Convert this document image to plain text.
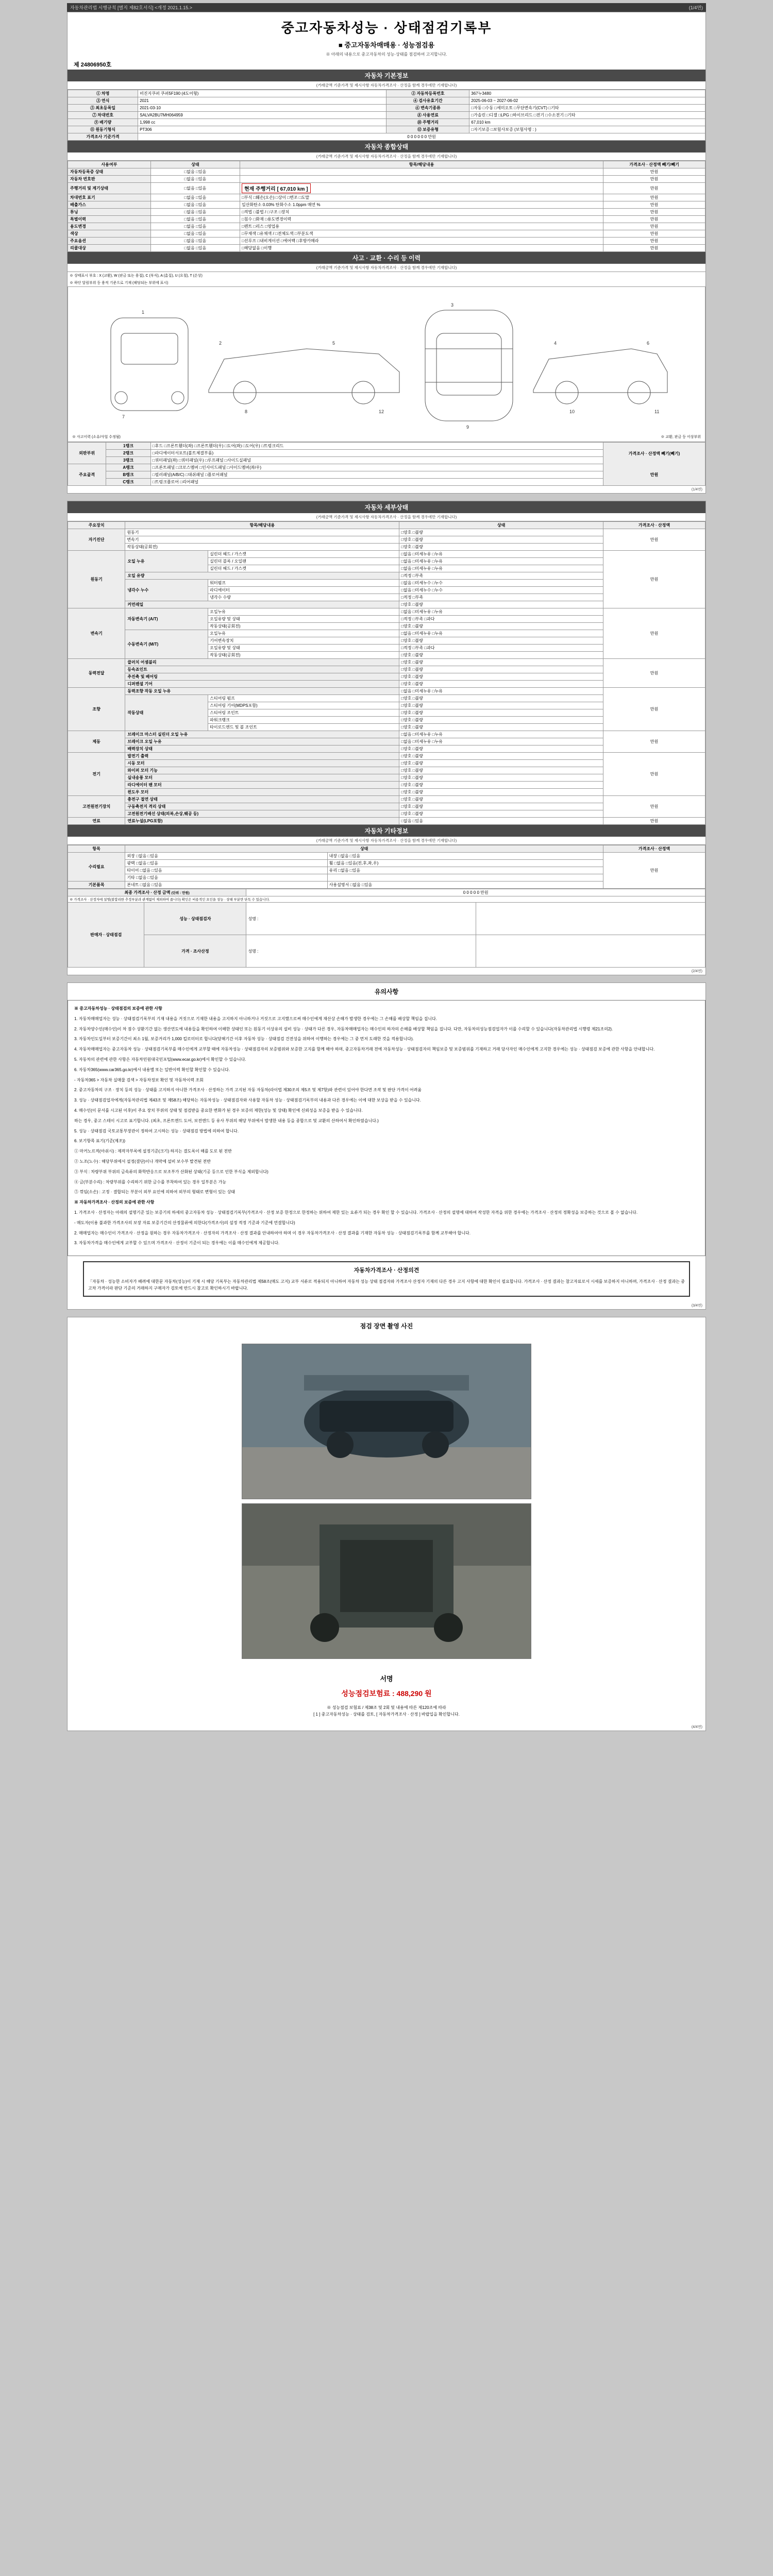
자동차관리법 시행규칙 [별지 제82호서식] <개정 2021.1.15.>	(1/4면)
중고자동차성능 · 상태점검기록부
■ 중고자동차매매용 · 성능점검용
※ 아래의 내용으로 중고자동차의 성능·상태를 점검하여 고지합니다.
제 24806950호
자동차 기본정보
(거래금액 기준가격 및 제시사항 자동차가격조사 · 산정을 함께 경우에만 기재합니다)
① 차명	비진지쿠퍼 쿠퍼5F190 (4도어형)	② 자동차등록번호	367누3480
③ 연식	2021	④ 검사유효기간	2025-06-03 ~ 2027-06-02
⑤ 최초등록일	2021-03-10	⑥ 변속기종류	□자동 □수동 □세미오토 □무단변속기(CVT) □기타
⑦ 차대번호	SALVA2BU7MH064959	⑧ 사용연료	□가솔린 □디젤 □LPG □하이브리드 □전기 □수소전기 □기타
⑨ 배기량	1,998 cc	⑩ 주행거리	67,010 km
⑪ 원동기형식	PT306	⑫ 보증유형	□자기보증 □보험사보증 (보험사명 : )
가격조사 기준가격	0 0 0 0 0 0 만원		
자동차 종합상태
(거래금액 기준가격 및 제시사항 자동차가격조사 · 산정을 함께 경우에만 기재합니다)
사용여부	상태	항목/해당내용	가격조사 · 산정액 빼기/빼기
자동차등록증 상태	□없음 □있음		만원
자동차 번호판	□없음 □있음		만원
주행거리 및 계기상태	□없음 □있음	현재 주행거리 [ 67,010 km ]	만원
차대번호 표기	□없음 □있음	□부식 □훼손(오손) □상이 □변조 □도말	만원
배출가스	□없음 □있음	일산화탄소 0.03% 탄화수소 1.0ppm 매연 %	만원
튜닝	□없음 □있음	□적법 □불법 / □구조 □장치	만원
특별이력	□없음 □있음	□침수 □화재 □용도변경이력	만원
용도변경	□없음 □있음	□렌트 □리스 □영업용	만원
색상	□없음 □있음	□무채색 □유채색 / □전체도색 □부분도색	만원
주요옵션	□없음 □있음	□선루프 □내비게이션 □에어백 □후방카메라	만원
리콜대상	□없음 □있음	□해당없음 □이행	만원
사고 · 교환 · 수리 등 이력
(거래금액 기준가격 및 제시사항 자동차가격조사 · 산정을 함께 경우에만 기재합니다)
※ 상태표시 부호 : X (교환), W (판금 또는 용접), C (부식), A (흠집), U (요철), T (손상)
※ 하단 달림부위 등 용적 기준으로 기재 (해당되는 부위에 표시)
1
2
3
4
5	6
7
8
9
10	11
12
※ 사고이력 (소유/사업 수정됨)	※ 교환, 판금 등 이상부위
외판부위	1랭크	□후드 □프론트휀더(좌) □프론트휀더(우) □도어(좌) □도어(우) □트렁크리드	가격조사 · 산정액 빼기(빼기)
만원

	2랭크	□라디에이터서포트(볼트체결부품)	
	3랭크	□쿼터패널(좌) □쿼터패널(우) □루프패널 □사이드실패널	
주요골격	A랭크	□프론트패널 □크로스멤버 □인사이드패널 □사이드멤버(좌/우)	
	B랭크	□필러패널(A/B/C) □대쉬패널 □플로어패널	
	C랭크	□트렁크플로어 □리어패널	
(1/4면)
자동차 세부상태
(거래금액 기준가격 및 제시사항 자동차가격조사 · 산정을 함께 경우에만 기재합니다)
주요장치	항목/해당내용		상태	가격조사 · 산정액
자기진단	원동기		□양호 □불량	만원
	변속기		□양호 □불량	
	작동상태(공회전)		□양호 □불량	
원동기	오일 누유	실린더 헤드 / 가스켓	□없음 □미세누유 □누유	만원
		실린더 블록 / 오일팬	□없음 □미세누유 □누유	
		실린더 헤드 / 가스켓	□없음 □미세누유 □누유	
	오일 유량		□적정 □부족	
	냉각수 누수	워터펌프	□없음 □미세누수 □누수	
		라디에이터	□없음 □미세누수 □누수	
		냉각수 수량	□적정 □부족	
	커먼레일		□양호 □불량	
변속기	자동변속기 (A/T)	오일누유	□없음 □미세누유 □누유	만원
		오일유량 및 상태	□적정 □부족 □과다	
		작동상태(공회전)	□양호 □불량	
	수동변속기 (M/T)	오일누유	□없음 □미세누유 □누유	
		기어변속장치	□양호 □불량	
		오일유량 및 상태	□적정 □부족 □과다	
		작동상태(공회전)	□양호 □불량	
동력전달	클러치 어셈블리		□양호 □불량	만원
	등속죠인트		□양호 □불량	
	추진축 및 베어링		□양호 □불량	
	디퍼렌셜 기어		□양호 □불량	
조향	동력조향 작동 오일 누유		□없음 □미세누유 □누유	만원
	작동상태	스티어링 펌프	□양호 □불량	
		스티어링 기어(MDPS포함)	□양호 □불량	
		스티어링 조인트	□양호 □불량	
		파워크랭크	□양호 □불량	
		타이로드엔드 및 볼 조인트	□양호 □불량	
제동	브레이크 마스터 실린더 오일 누유		□없음 □미세누유 □누유	만원
	브레이크 오일 누유		□없음 □미세누유 □누유	
	배력장치 상태		□양호 □불량	
전기	발전기 출력		□양호 □불량	만원
	시동 모터		□양호 □불량	
	와이퍼 모터 기능		□양호 □불량	
	실내송풍 모터		□양호 □불량	
	라디에이터 팬 모터		□양호 □불량	
	윈도우 모터		□양호 □불량	
고전원전기장치	충전구 절연 상태		□양호 □불량	만원
	구동축전지 격리 상태		□양호 □불량	
	고전원전기배선 상태(피복,손상,웨공 등)		□양호 □불량	
연료	연료누설(LPG포함)		□없음 □있음	만원
자동차 기타정보
(거래금액 기준가격 및 제시사항 자동차가격조사 · 산정을 함께 경우에만 기재합니다)
항목	상태		가격조사 · 산정액
수리필요	외장 □없음 □있음	내장 □없음 □있음	만원
	광택 □없음 □있음	휠 □없음 □있음(전,후,좌,우)	
	타이어 □없음 □있음	유리 □없음 □있음	
	기타 □없음 □있음		
기본품목	본네트 □없음 □있음	사용설명서 □없음 □있음	
최종 가격조사 · 산정 금액 (단위 : 만원)		0 0 0 0 0 만원	
※ 가격조사 · 산정자에 설명(불합리한 추정부분과 관계없이 제외하여 줍니다) 확인은 비용적인 요인을 성능 · 상태 부분만 단독 수 있습니다.			
판매자 · 상태점검	성능 · 상태점검자	성명 :	
	가격 · 조사산정	성명 :	
(2/4면)
유의사항

※ 중고자동차성능 · 상태점검의 보증에 관한 사항

1. 자동차매매업자는 성능 · 상태점검기록부의 기재 내용을 거짓으로 기재한 내용을 고지하지 아니하거나 거짓으로 고지했으로써 매수인에게 재산상 손해가 발생한 경우에는 그 손해를 배상할 책임을 집니다.

2. 자동차양수인(매수인)이 차 점수 상환기간 없는 생산연도에 내용들을 확인하여 이해한 상태인 또는 원동기 이상유의 설비 성능 · 상태가 다른 경우, 자동차매매업자는 매수인의 하자의 손해를 배상할 책임을 집니다. 다만, 자동차의성능점검업자가 이를 수리할 수 있습니다(자동차관리법 시행령 제21조의2).

3. 자동차인도일부터 보증기간이 최소 1월, 보증거리가 1,000 킬로미터로 합니다(당해기간 이후 자동차 성능 · 상태점검 건전성을 위하여 이행하는 경우에는 그 중 먼저 도래한 것을 적용합니다).

4. 자동차매매업자는 중고자동차 성능 · 상태점검기록부를 매수인에게 교부할 때에 자동차성능 · 상태점검자의 보증범위와 보증한 고지를 함께 해야 하며, 중고자동차거래 전에 자동차성능 · 상태점검자의 책임보증 및 보증범위를 기재하고 거래 당사자인 매수인에게 고지한 경우에는 성능 · 상태점검 보증에 관한 사항을 안내합니다.

5. 자동차의 관련에 관한 사항은 자동차민원대국민포털(www.ecar.go.kr)에서 확인할 수 있습니다.

6. 자동차365(www.car365.go.kr)에서 내용별 또는 일반이력 확인할 확인할 수 있습니다.

- 자동차365 > 자동차 실매물 검색 > 자동차정보 확인 및 자동차이력 조회

2. 중고자동차의 구조 · 장치 등의 성능 · 상태를 고지하지 아니한 가격조사 · 산정하는 가격 고지된 자동 자동차(라이법 제30조의 제5조 및 제7항)와 관련이 있어야 한다면 조작 및 판단 가격이 어려움

3. 성능 · 상태점검업자에게(자동차관리법 제43조 및 제58조) 해당하는 자동차성능 · 상태점검자와 사용할 자동차 성능 · 상태점검기록부의 내용과 다른 경우에는 이에 대한 보상을 받을 수 있습니다.

4. 매수인(이 문서를 시고된 이후)이 주요 장치 부위의 상태 및 점검받을 중요한 변화가 된 경우 보증의 제한(성능 및 상태) 확인에 신뢰성을 보증을 받을 수 있습니다.

하는 경우, 중고 스테이 시고로 표기합니다. (최초, 프론트엔드 도어, 보전엔드 등 유사 부위의 해당 부위에서 발생한 내용 등을 종합으로 및 교환의 산하여서 확인하였습니다.)

5. 성능 · 상태점검 국토교통부장관이 정하여 고시하는 성능 · 상태점검 방법에 의하여 합니다.

6. 보기항목 표기(기준(제조))

① 마커노르적(아쉬시) : 제작자부록에 설정기준(크기) 하지는 결도록이 해를 도로 된 전반

② 노조(노수) : 해당부위에서 설정(결단)이나 개막에 설비 보수부 발견된 전반

③ 부식 : 차량부위 부위의 금속류의 화학반응으로 보조부가 산화된 상태(기공 등으로 인한 부식을 제외합니다)

④ 금(부분수리) : 차량부위를 수리하기 위한 금수를 부착하여 있는 경우 일부분은 가능

⑤ 꺾임(소손) : 고정 · 결합되는 부분이 외부 요인에 의하여 외부의 형태로 변형이 있는 상태

※ 자동차가격조사 · 산정의 보증에 관한 사항

1. 가격조사 · 산정자는 아래의 설명기준 있는 보증기의 하세의 중고자동차 성능 · 상태점검기록부(가격조사 · 산정 보증 한정으로 한정하는 위하여 제한 있는 요류가 되는 경우 확인 할 수 있습니다. 가격조사 · 산정의 설명에 대하여 작성한 자격을 위한 경우에는 가격조사 · 산정의 정확성을 보증하는 것으로 볼 수 없습니다.

- 매도자(이용 불과한 가격조사의 보장 자료 보증기간의 산정물류에 의한다(가격조사)의 설정 적정 기준과 기준에 연결합니다)

2. 매매업자는 매수인이 가격조사 · 산정을 원하는 경우 자동차가격조사 · 산정자의 가격조사 · 산정 결과를 안내하여야 하며 이 경우 자동차가격조사 · 산정 결과를 기재한 자동차 성능 · 상태점검기록부를 함께 교부해야 합니다.

3. 자동차가격을 매수인에게 교부할 수 있으며 가격조사 · 산정이 기준이 되는 경우에는 이를 매수인에게 제공합니다.

자동차가격조사 · 산정의견
「자동차 · 성능한 소비자가 배려에 대한문 자동차(성능)이 기재 시 해당 기록부는 자동차관리법 제58조(매도 고지) 교부 서류로 적용되지 아니하여 자동차 성능 상태 점검자와 가격조사 산정자 기재의 다른 경우 고지 사항에 대한 확인이 필요합니다. 가격조사 · 산정 결과는 참고자료로서 시세를 보증하지 아니하며, 가격조사 · 산정 결과는 중고차 가격이라 판단 기준의 거래하지 구매자가 검토에 반드시 참고로 확인하시기 바랍니다.
(3/4면)
점검 장면 촬영 사진
서명
성능점검보험료 : 488,290 원
※ 성능점검 보험료 / 제38조 및 2회 및 내용에 따른 제120조에 따라
[ 1 ] 중고자동차성능 · 상태를 검토, [ 자동차가격조사 · 산정 ] 바랍입을 확인합니다.
(4/4면)
